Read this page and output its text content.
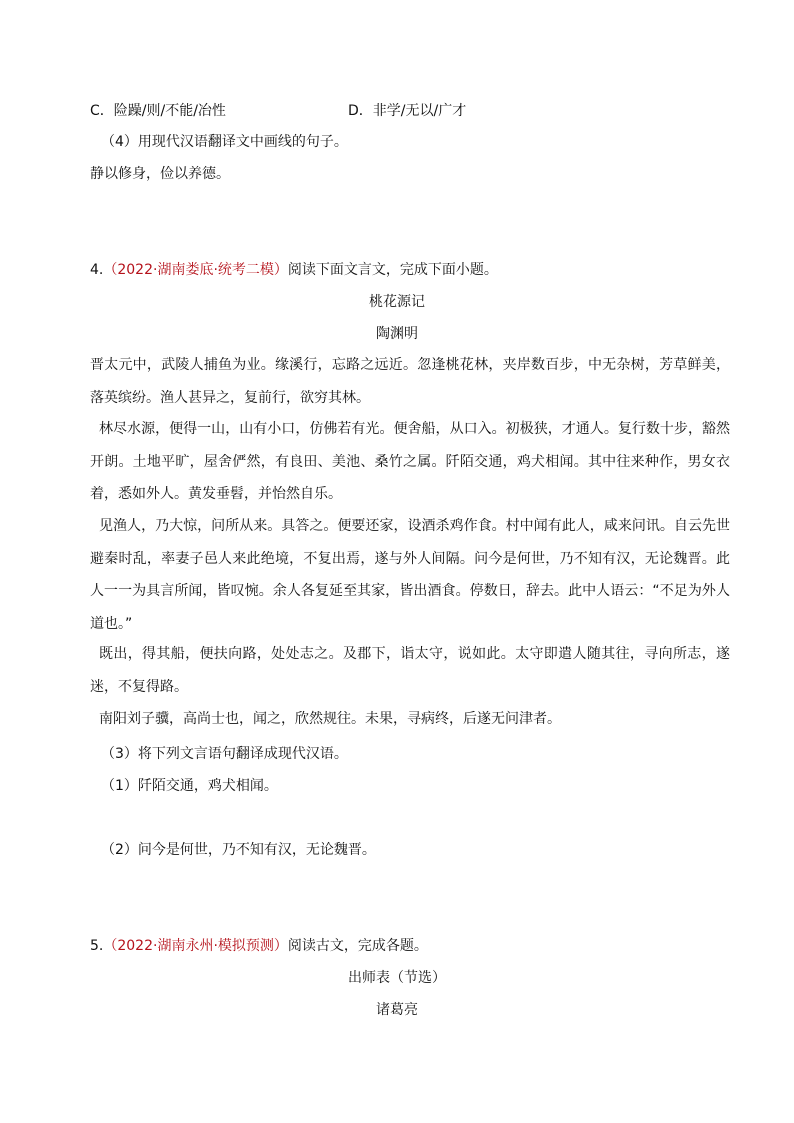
C．险躁/则/不能/冶性	D．非学/无以/广才
（4）用现代汉语翻译文中画线的句子。
静以修身，俭以养德。
4.（2022·湖南娄底·统考二模）阅读下面文言文，完成下面小题。
桃花源记
陶渊明
晋太元中，武陵人捕鱼为业。缘溪行，忘路之远近。忽逢桃花林，夹岸数百步，中无杂树，芳草鲜美，落英缤纷。渔人甚异之，复前行，欲穷其林。
林尽水源，便得一山，山有小口，仿佛若有光。便舍船，从口入。初极狭，才通人。复行数十步，豁然开朗。土地平旷，屋舍俨然，有良田、美池、桑竹之属。阡陌交通，鸡犬相闻。其中往来种作，男女衣着，悉如外人。黄发垂髫，并怡然自乐。
见渔人，乃大惊，问所从来。具答之。便要还家，设酒杀鸡作食。村中闻有此人，咸来问讯。自云先世避秦时乱，率妻子邑人来此绝境，不复出焉，遂与外人间隔。问今是何世，乃不知有汉，无论魏晋。此人一一为具言所闻，皆叹惋。余人各复延至其家，皆出酒食。停数日，辞去。此中人语云：“不足为外人道也。”
既出，得其船，便扶向路，处处志之。及郡下，诣太守，说如此。太守即遣人随其往，寻向所志，遂迷，不复得路。
南阳刘子骥，高尚士也，闻之，欣然规往。未果，寻病终，后遂无问津者。
（3）将下列文言语句翻译成现代汉语。
（1）阡陌交通，鸡犬相闻。
（2）问今是何世，乃不知有汉，无论魏晋。
5.（2022·湖南永州·模拟预测）阅读古文，完成各题。
出师表（节选）
诸葛亮
